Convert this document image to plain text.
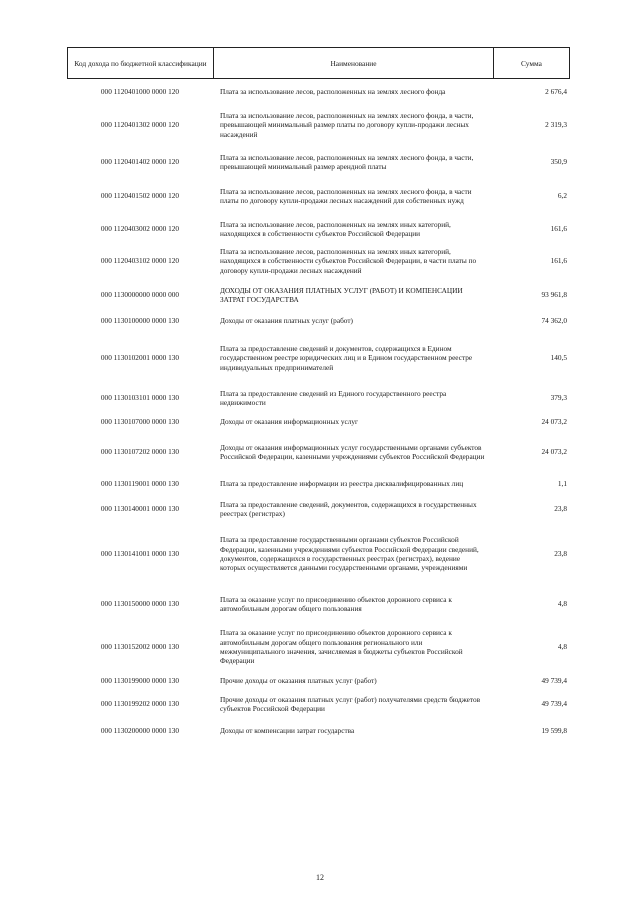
Код дохода по бюджетной классификации	Наименование	Сумма
000 1120401000 0000 120	Плата за использование лесов, расположенных на землях лесного фонда	2 676,4
000 1120401302 0000 120	Плата за использование лесов, расположенных на землях лесного фонда, в части, превышающей минимальный размер платы по договору купли-продажи лесных насаждений	2 319,3
000 1120401402 0000 120	Плата за использование лесов, расположенных на землях лесного фонда, в части, превышающей минимальный размер арендной платы	350,9
000 1120401502 0000 120	Плата за использование лесов, расположенных на землях лесного фонда, в части платы по договору купли-продажи лесных насаждений для собственных нужд	6,2
000 1120403002 0000 120	Плата за использование лесов, расположенных на землях иных категорий, находящихся в собственности субъектов Российской Федерации	161,6
000 1120403102 0000 120	Плата за использование лесов, расположенных на землях иных категорий, находящихся в собственности субъектов Российской Федерации, в части платы по договору купли-продажи лесных насаждений	161,6
000 1130000000 0000 000	ДОХОДЫ ОТ ОКАЗАНИЯ ПЛАТНЫХ УСЛУГ (РАБОТ) И КОМПЕНСАЦИИ ЗАТРАТ ГОСУДАРСТВА	93 961,8
000 1130100000 0000 130	Доходы от оказания платных услуг (работ)	74 362,0
000 1130102001 0000 130	Плата за предоставление сведений и документов, содержащихся в Едином государственном реестре юридических лиц и в Едином государственном реестре индивидуальных предпринимателей	140,5
000 1130103101 0000 130	Плата за предоставление сведений из Единого государственного реестра недвижимости	379,3
000 1130107000 0000 130	Доходы от оказания информационных услуг	24 073,2
000 1130107202 0000 130	Доходы от оказания информационных услуг государственными органами субъектов Российской Федерации, казенными учреждениями субъектов Российской Федерации	24 073,2
000 1130119001 0000 130	Плата за предоставление информации из реестра дисквалифицированных лиц	1,1
000 1130140001 0000 130	Плата за предоставление сведений, документов, содержащихся в государственных реестрах (регистрах)	23,8
000 1130141001 0000 130	Плата за предоставление государственными органами субъектов Российской Федерации, казенными учреждениями субъектов Российской Федерации сведений, документов, содержащихся в государственных реестрах (регистрах), ведение которых осуществляется данными государственными органами, учреждениями	23,8
000 1130150000 0000 130	Плата за оказание услуг по присоединению объектов дорожного сервиса к автомобильным дорогам общего пользования	4,8
000 1130152002 0000 130	Плата за оказание услуг по присоединению объектов дорожного сервиса к автомобильным дорогам общего пользования регионального или межмуниципального значения, зачисляемая в бюджеты субъектов Российской Федерации	4,8
000 1130199000 0000 130	Прочие доходы от оказания платных услуг (работ)	49 739,4
000 1130199202 0000 130	Прочие доходы от оказания платных услуг (работ) получателями средств бюджетов субъектов Российской Федерации	49 739,4
000 1130200000 0000 130	Доходы от компенсации затрат государства	19 599,8
12
